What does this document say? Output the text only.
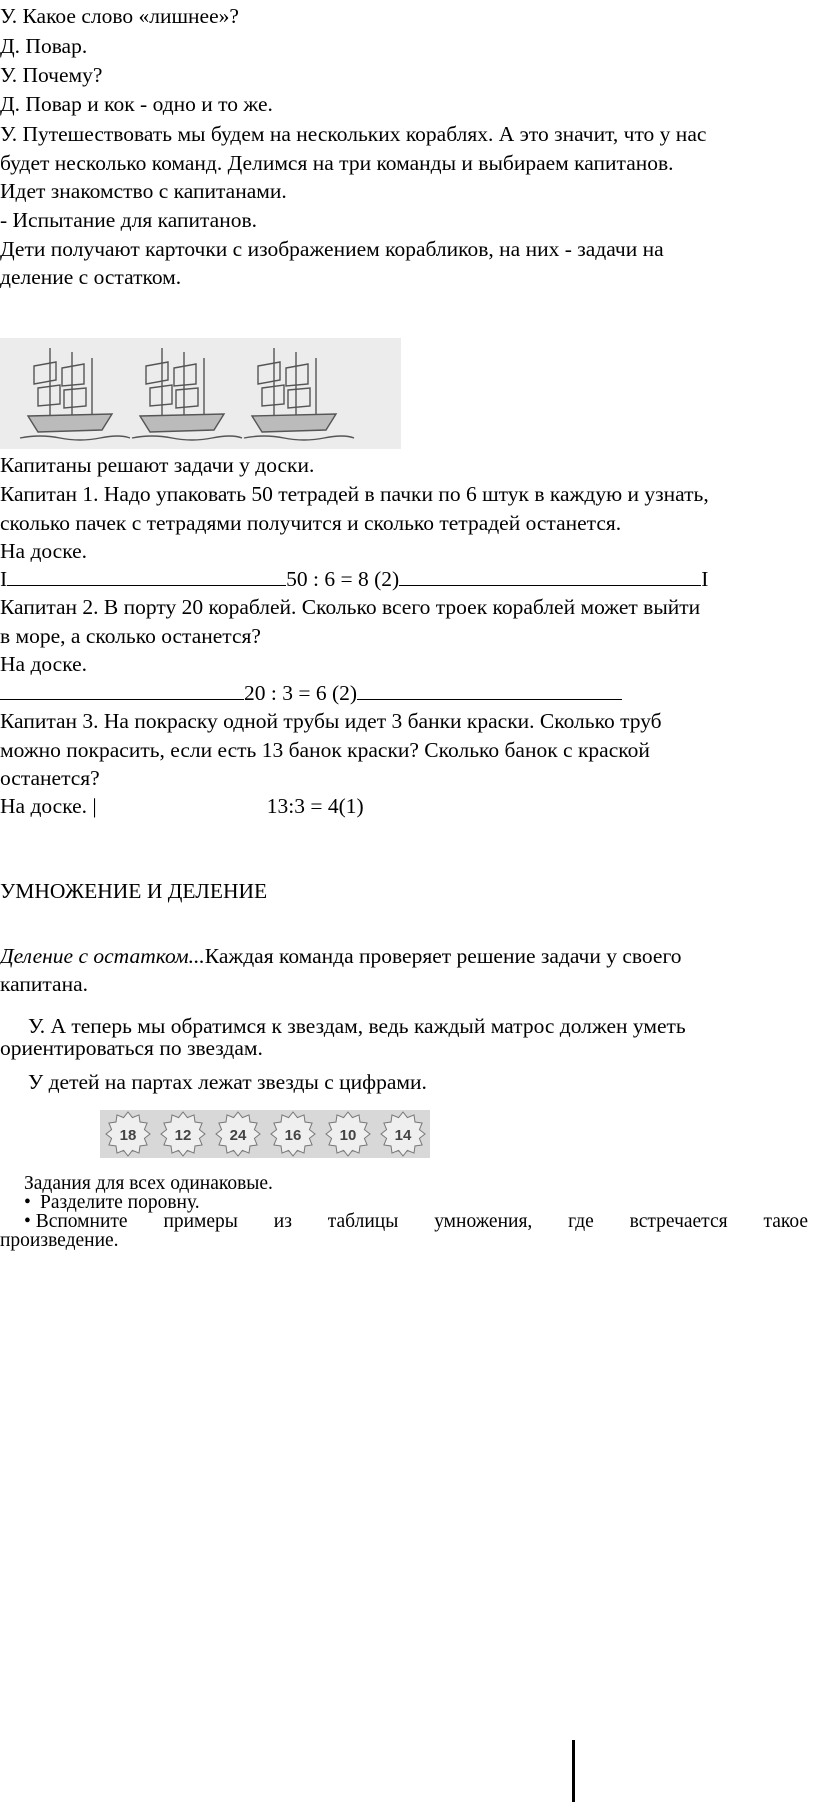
У. Какое слово «лишнее»?
Д. Повар.
У. Почему?
Д. Повар и кок - одно и то же.
У. Путешествовать мы будем на нескольких кораблях. А это значит, что у нас
будет несколько команд. Делимся на три команды и выбираем капитанов.
Идет знакомство с капитанами.
- Испытание для капитанов.
Дети получают карточки с изображением корабликов, на них - задачи на
деление с остатком.
Капитаны решают задачи у доски.
Капитан 1. Надо упаковать 50 тетрадей в пачки по 6 штук в каждую и узнать,
сколько пачек с тетрадями получится и сколько тетрадей останется.
На доске.
I	50 : 6 = 8 (2)	I
Капитан 2. В порту 20 кораблей. Сколько всего троек кораблей может выйти
в море, а сколько останется?
На доске.
20 : 3 = 6 (2)
Капитан 3. На покраску одной трубы идет 3 банки краски. Сколько труб
можно покрасить, если есть 13 банок краски? Сколько банок с краской
останется?
На доске. |	13:3 = 4(1)
УМНОЖЕНИЕ И ДЕЛЕНИЕ
Деление с остатком...Каждая команда проверяет решение задачи у своего
капитана.
У. А теперь мы обратимся к звездам, ведь каждый матрос должен уметь
ориентироваться по звездам.
У детей на партах лежат звезды с цифрами.
18	12	24	16	10	14
Задания для всех одинаковые.
• Разделите поровну.
• Вспомните примеры из таблицы умножения, где встречается такое
произведение.
